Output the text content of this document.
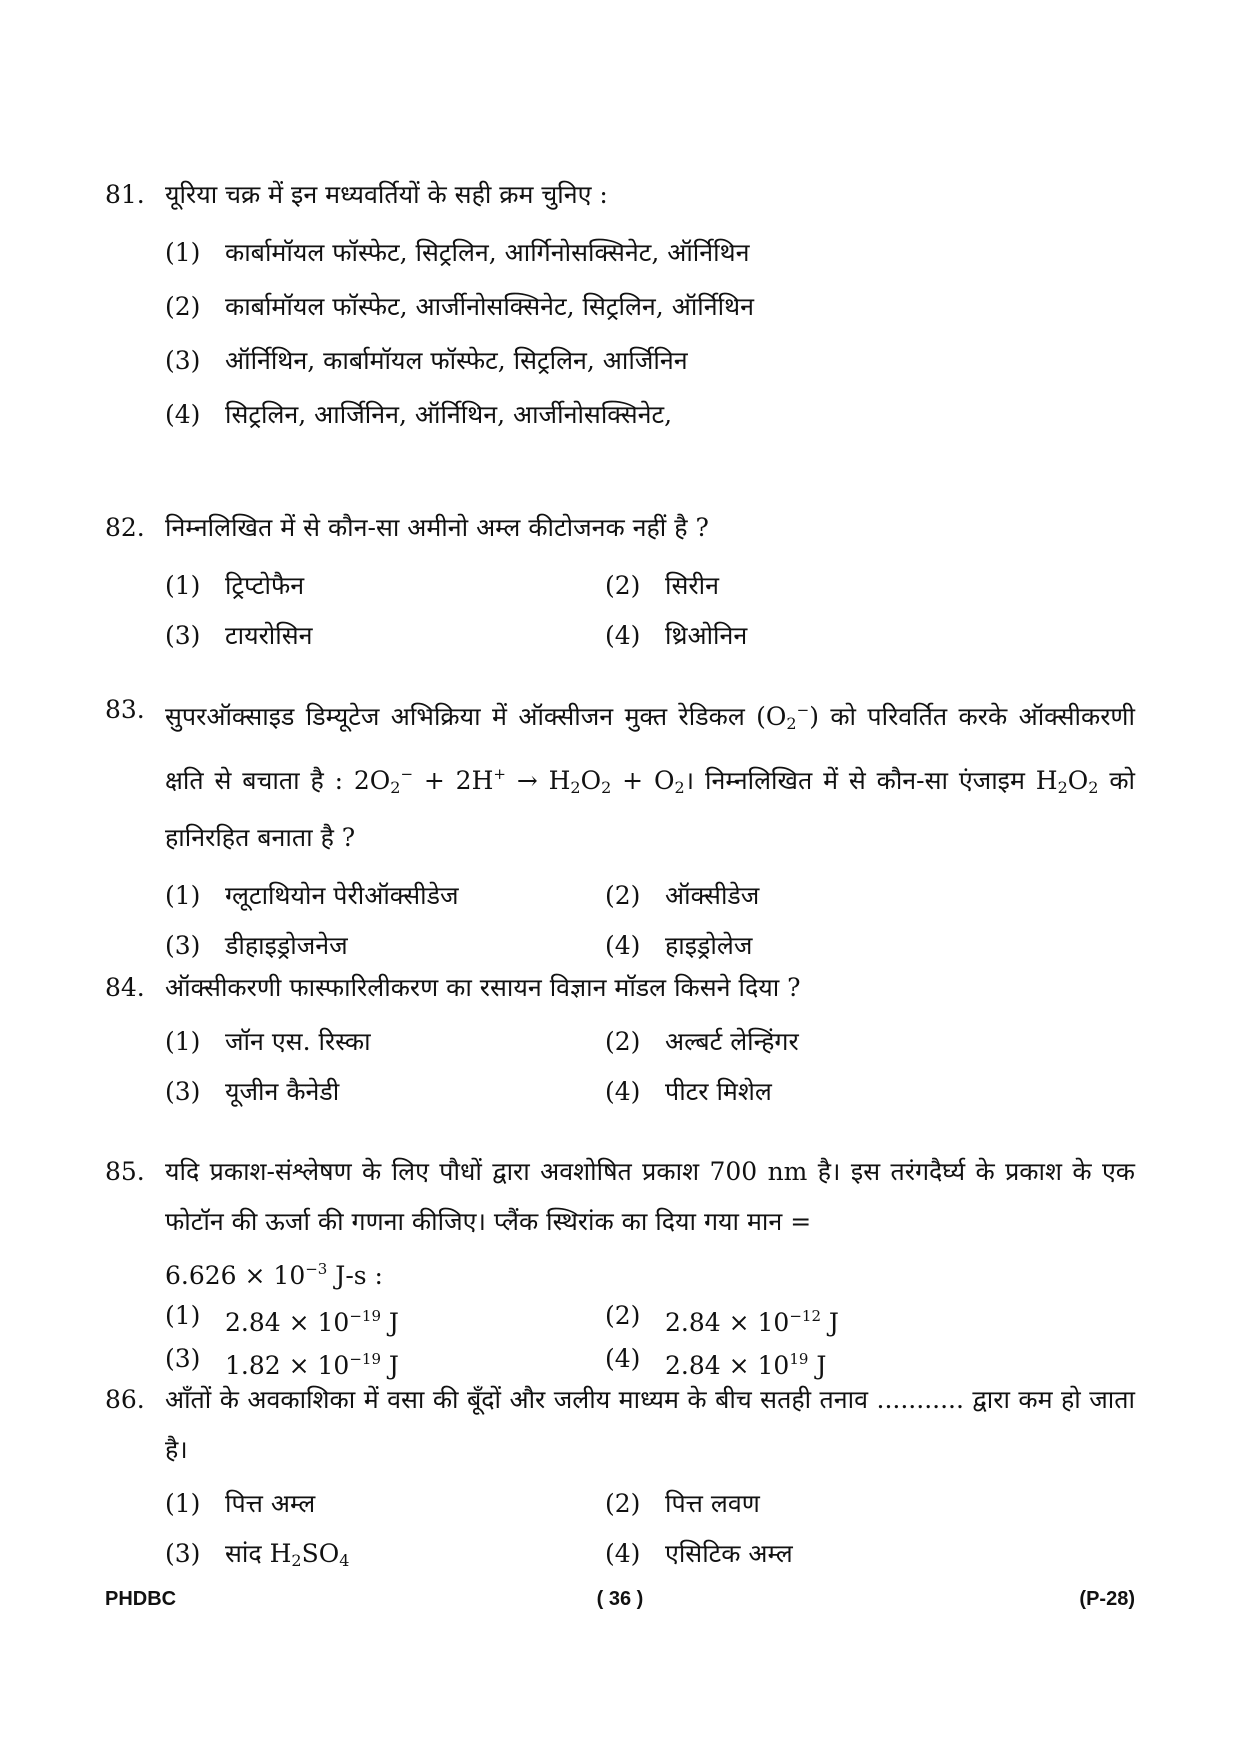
81. यूरिया चक्र में इन मध्यवर्तियों के सही क्रम चुनिए :
(1) कार्बामॉयल फॉस्फेट, सिट्रलिन, आर्गिनोसक्सिनेट, ऑर्निथिन
(2) कार्बामॉयल फॉस्फेट, आर्जीनोसक्सिनेट, सिट्रलिन, ऑर्निथिन
(3) ऑर्निथिन, कार्बामॉयल फॉस्फेट, सिट्रलिन, आर्जिनिन
(4) सिट्रलिन, आर्जिनिन, ऑर्निथिन, आर्जीनोसक्सिनेट,
82. निम्नलिखित में से कौन-सा अमीनो अम्ल कीटोजनक नहीं है ?
(1) ट्रिप्टोफैन	(2) सिरीन
(3) टायरोसिन	(4) थ्रिओनिन
83. सुपरऑक्साइड डिम्यूटेज अभिक्रिया में ऑक्सीजन मुक्त रेडिकल $(O_2^-)$ को परिवर्तित करके ऑक्सीकरणी क्षति से बचाता है : $2O_2^- + 2H^+ \to H_2O_2$ + $O_2।$ निम्नलिखित में से कौन-सा एंजाइम $H_2O_2$ को हानिरहित बनाता है ?
(1) ग्लूटाथियोन पेरीऑक्सीडेज	(2) ऑक्सीडेज
(3) डीहाइड्रोजनेज	(4) हाइड्रोलेज
84. ऑक्सीकरणी फास्फारिलीकरण का रसायन विज्ञान मॉडल किसने दिया ?
(1) जॉन एस. रिस्का	(2) अल्बर्ट लेन्हिंगर
(3) यूजीन कैनेडी	(4) पीटर मिशेल
85. यदि प्रकाश-संश्लेषण के लिए पौधों द्वारा अवशोषित प्रकाश 700 nm है। इस तरंगदैर्घ्य के प्रकाश के एक फोटॉन की ऊर्जा की गणना कीजिए। प्लैंक स्थिरांक का दिया गया मान =
$6.626 \times 10^{-3}$ J-s :
(1) $2.84 \times 10^{-19}$ J	(2) $2.84 \times 10^{-12}$ J
(3) $1.82 \times 10^{-19}$ J	(4) $2.84 \times 10^{19}$ J
86. आँतों के अवकाशिका में वसा की बूँदों और जलीय माध्यम के बीच सतही तनाव ........... द्वारा कम हो जाता है।
(1) पित्त अम्ल	(2) पित्त लवण
(3) सांद $H_2SO_4$	(4) एसिटिक अम्ल
PHDBC	( 36 )	(P-28)
